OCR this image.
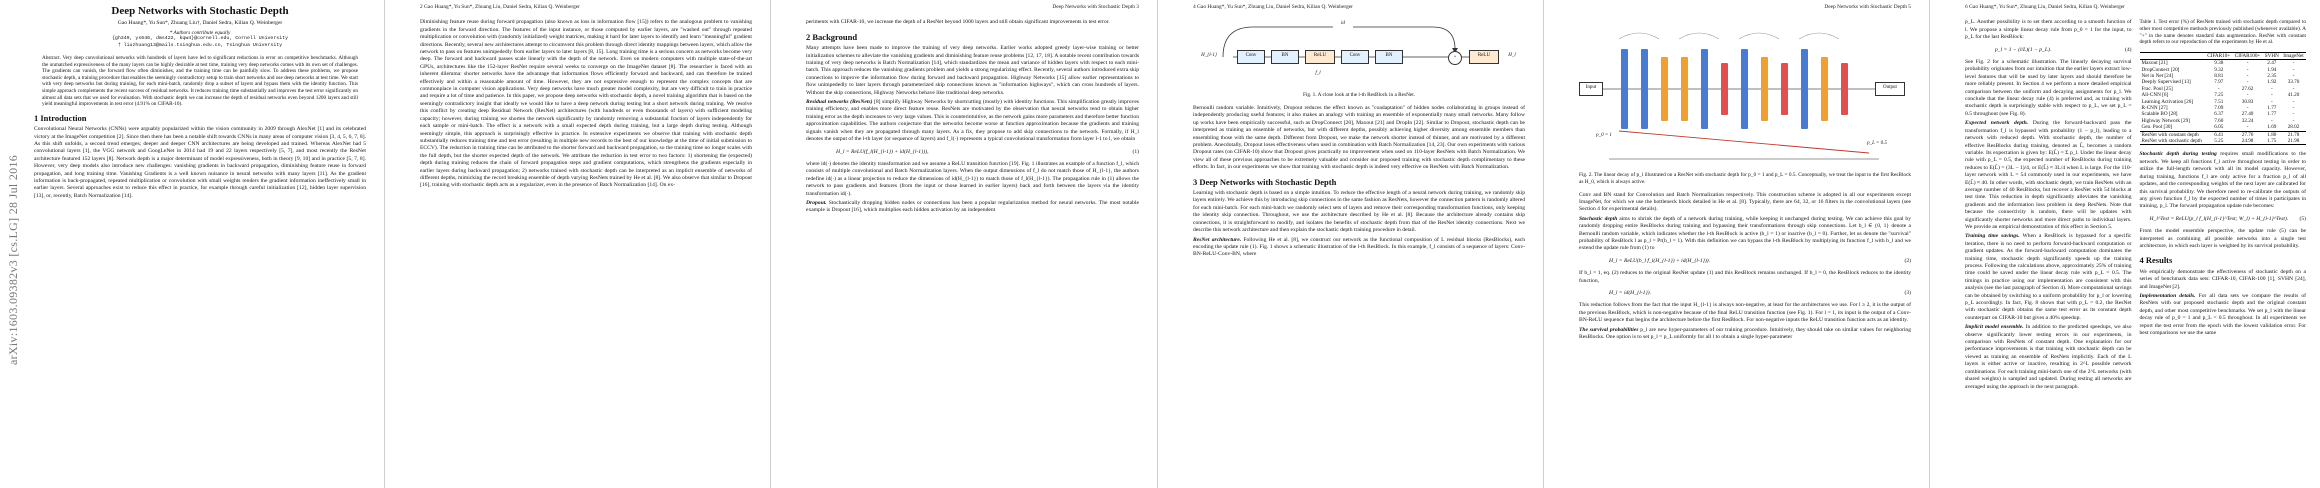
arXiv:1603.09382v3 [cs.LG] 28 Jul 2016
Deep Networks with Stochastic Depth
Gao Huang*, Yu Sun*, Zhuang Liu†, Daniel Sedra, Kilian Q. Weinberger
* Authors contribute equally
{gh349, ys646, dms422, kqw4}@cornell.edu, Cornell University
† liuzhuang13@mails.tsinghua.edu.cn, Tsinghua University
Abstract. Very deep convolutional networks with hundreds of layers have led to significant reductions in error on competitive benchmarks. Although the unmatched expressiveness of the many layers can be highly desirable at test time, training very deep networks comes with its own set of challenges. The gradients can vanish, the forward flow often diminishes, and the training time can be painfully slow. To address these problems, we propose stochastic depth, a training procedure that enables the seemingly contradictory setup to train short networks and use deep networks at test time. We start with very deep networks but during training, for each mini-batch, randomly drop a subset of layers and bypass them with the identity function. This simple approach complements the recent success of residual networks. It reduces training time substantially and improves the test error significantly on almost all data sets that we used for evaluation. With stochastic depth we can increase the depth of residual networks even beyond 1200 layers and still yield meaningful improvements in test error (4.91% on CIFAR-10).
1 Introduction
Convolutional Neural Networks (CNNs) were arguably popularized within the vision community in 2009 through AlexNet [1] and its celebrated victory at the ImageNet competition [2]. Since then there has been a notable shift towards CNNs in many areas of computer vision [3, 4, 5, 6, 7, 8]. As this shift unfolds, a second trend emerges; deeper and deeper CNN architectures are being developed and trained. Whereas AlexNet had 5 convolutional layers [1], the VGG network and GoogLeNet in 2014 had 19 and 22 layers respectively [5, 7], and most recently the ResNet architecture featured 152 layers [8]. Network depth is a major determinant of model expressiveness, both in theory [9, 10] and in practice [5, 7, 8]. However, very deep models also introduce new challenges: vanishing gradients in backward propagation, diminishing feature reuse in forward propagation, and long training time. Vanishing Gradients is a well known nuisance in neural networks with many layers [11]. As the gradient information is back-propagated, repeated multiplication or convolution with small weights renders the gradient information ineffectively small in earlier layers. Several approaches exist to reduce this effect in practice, for example through careful initialization [12], hidden layer supervision [13], or, recently, Batch Normalization [14].
2 Gao Huang*, Yu Sun*, Zhuang Liu, Daniel Sedra, Kilian Q. Weinberger
Diminishing feature reuse during forward propagation (also known as loss in information flow [15]) refers to the analogous problem to vanishing gradients in the forward direction. The features of the input instance, or those computed by earlier layers, are "washed out" through repeated multiplication or convolution with (randomly initialized) weight matrices, making it hard for later layers to identify and learn "meaningful" gradient directions. Recently, several new architectures attempt to circumvent this problem through direct identity mappings between layers, which allow the network to pass on features unimpededly from earlier layers to later layers [8, 15]. Long training time is a serious concern as networks become very deep. The forward and backward passes scale linearly with the depth of the network. Even on modern computers with multiple state-of-the-art GPUs, architectures like the 152-layer ResNet require several weeks to converge on the ImageNet dataset [8]. The researcher is faced with an inherent dilemma: shorter networks have the advantage that information flows efficiently forward and backward, and can therefore be trained effectively and within a reasonable amount of time. However, they are not expressive enough to represent the complex concepts that are commonplace in computer vision applications. Very deep networks have much greater model complexity, but are very difficult to train in practice and require a lot of time and patience. In this paper, we propose deep networks with stochastic depth, a novel training algorithm that is based on the seemingly contradictory insight that ideally we would like to have a deep network during testing but a short network during training. We resolve this conflict by creating deep Residual Network (ResNet) architectures (with hundreds or even thousands of layers) with sufficient modeling capacity; however, during training we shorten the network significantly by randomly removing a substantial fraction of layers independently for each sample or mini-batch. The effect is a network with a small expected depth during training, but a large depth during testing. Although seemingly simple, this approach is surprisingly effective in practice. In extensive experiments we observe that training with stochastic depth substantially reduces training time and test error (resulting in multiple new records to the best of our knowledge at the time of initial submission to ECCV). The reduction in training time can be attributed to the shorter forward and backward propagation, so the training time no longer scales with the full depth, but the shorter expected depth of the network. We attribute the reduction in test error to two factors: 1) shortening the (expected) depth during training reduces the chain of forward propagation steps and gradient computations, which strengthens the gradients especially in earlier layers during backward propagation; 2) networks trained with stochastic depth can be interpreted as an implicit ensemble of networks of different depths, mimicking the record breaking ensemble of depth varying ResNets trained by He et al. [8]. We also observe that similar to Dropout [16], training with stochastic depth acts as a regularizer, even in the presence of Batch Normalization [14]. On ex-
Deep Networks with Stochastic Depth 3
periments with CIFAR-10, we increase the depth of a ResNet beyond 1000 layers and still obtain significant improvements in test error.
2 Background
Many attempts have been made to improve the training of very deep networks. Earlier works adopted greedy layer-wise training or better initialization schemes to alleviate the vanishing gradients and diminishing feature reuse problems [12, 17, 18]. A notable recent contribution towards training of very deep networks is Batch Normalization [14], which standardizes the mean and variance of hidden layers with respect to each mini-batch. This approach reduces the vanishing gradients problem and yields a strong regularizing effect. Recently, several authors introduced extra skip connections to improve the information flow during forward and backward propagation. Highway Networks [15] allow earlier representations to flow unimpededly to later layers through parameterized skip connections known as "information highways", which can cross hundreds of layers. Without the skip connections, Highway Networks behave like traditional deep networks.
Residual networks (ResNets) [8] simplify Highway Networks by shortcutting (mostly) with identity functions. This simplification greatly improves training efficiency, and enables more direct feature reuse. ResNets are motivated by the observation that neural networks tend to obtain higher training error as the depth increases to very large values. This is counterintuitive, as the network gains more parameters and therefore better function approximation capabilities. The authors conjecture that the networks become worse at function approximation because the gradients and training signals vanish when they are propagated through many layers. As a fix, they propose to add skip connections to the network. Formally, if H_l denotes the output of the l-th layer (or sequence of layers) and f_l(·) represents a typical convolutional transformation from layer l-1 to l, we obtain
H_l = ReLU(f_l(H_{l-1}) + id(H_{l-1})),	(1)
where id(·) denotes the identity transformation and we assume a ReLU transition function [19]. Fig. 1 illustrates an example of a function f_l, which consists of multiple convolutional and Batch Normalization layers. When the output dimensions of f_l do not match those of H_{l-1}, the authors redefine id(·) as a linear projection to reduce the dimensions of id(H_{l-1}) to match those of f_l(H_{l-1}). The propagation rule in (1) allows the network to pass gradients and features (from the input or those learned in earlier layers) back and forth between the layers via the identity transformation id(·).
Dropout. Stochastically dropping hidden nodes or connections has been a popular regularization method for neural networks. The most notable example is Dropout [16], which multiplies each hidden activation by an independent
4 Gao Huang*, Yu Sun*, Zhuang Liu, Daniel Sedra, Kilian Q. Weinberger
H_{l-1}	Conv	BN	ReLU	Conv	BN	+	ReLU	H_l
id
f_l
Fig. 1. A close look at the l-th ResBlock in a ResNet.
Bernoulli random variable. Intuitively, Dropout reduces the effect known as "coadaptation" of hidden nodes collaborating in groups instead of independently producing useful features; it also makes an analogy with training an ensemble of exponentially many small networks. Many follow up works have been empirically successful, such as DropConnect [20], Maxout [21] and DropIn [22]. Similar to Dropout, stochastic depth can be interpreted as training an ensemble of networks, but with different depths, possibly achieving higher diversity among ensemble members than ensembling those with the same depth. Different from Dropout, we make the network shorter instead of thinner, and are motivated by a different problem. Anecdotally, Dropout loses effectiveness when used in combination with Batch Normalization [14, 23]. Our own experiments with various Dropout rates (on CIFAR-10) show that Dropout gives practically no improvement when used on 110-layer ResNets with Batch Normalization. We view all of these previous approaches to be extremely valuable and consider our proposed training with stochastic depth complimentary to these efforts. In fact, in our experiments we show that training with stochastic depth is indeed very effective on ResNets with Batch Normalization.
3 Deep Networks with Stochastic Depth
Learning with stochastic depth is based on a simple intuition. To reduce the effective length of a neural network during training, we randomly skip layers entirely. We achieve this by introducing skip connections in the same fashion as ResNets, however the connection pattern is randomly altered for each mini-batch. For each mini-batch we randomly select sets of layers and remove their corresponding transformation functions, only keeping the identity skip connection. Throughout, we use the architecture described by He et al. [8]. Because the architecture already contains skip connections, it is straightforward to modify, and isolates the benefits of stochastic depth from that of the ResNet identity connections. Next we describe this network architecture and then explain the stochastic depth training procedure in detail.
ResNet architecture. Following He et al. [8], we construct our network as the functional composition of L residual blocks (ResBlocks), each encoding the update rule (1). Fig. 1 shows a schematic illustration of the l-th ResBlock. In this example, f_l consists of a sequence of layers: Conv-BN-ReLU-Conv-BN, where
Deep Networks with Stochastic Depth 5
Input	Output
p_0 = 1
p_L = 0.5
Fig. 2. The linear decay of p_l illustrated on a ResNet with stochastic depth for p_0 = 1 and p_L = 0.5. Conceptually, we treat the input to the first ResBlock as H_0, which is always active.
Conv and BN stand for Convolution and Batch Normalization respectively. This construction scheme is adopted in all our experiments except ImageNet, for which we use the bottleneck block detailed in He et al. [8]. Typically, there are 64, 32, or 16 filters in the convolutional layers (see Section 4 for experimental details).
Stochastic depth aims to shrink the depth of a network during training, while keeping it unchanged during testing. We can achieve this goal by randomly dropping entire ResBlocks during training and bypassing their transformations through skip connections. Let b_l ∈ {0, 1} denote a Bernoulli random variable, which indicates whether the l-th ResBlock is active (b_l = 1) or inactive (b_l = 0). Further, let us denote the "survival" probability of ResBlock l as p_l = Pr(b_l = 1). With this definition we can bypass the l-th ResBlock by multiplying its function f_l with b_l and we extend the update rule from (1) to
H_l = ReLU(b_l f_l(H_{l-1}) + id(H_{l-1})).	(2)
If b_l = 1, eq. (2) reduces to the original ResNet update (1) and this ResBlock remains unchanged. If b_l = 0, the ResBlock reduces to the identity function,
H_l = id(H_{l-1}).	(3)
This reduction follows from the fact that the input H_{l-1} is always non-negative, at least for the architectures we use. For l ≥ 2, it is the output of the previous ResBlock, which is non-negative because of the final ReLU transition function (see Fig. 1). For l = 1, its input is the output of a Conv-BN-ReLU sequence that begins the architecture before the first ResBlock. For non-negative inputs the ReLU transition function acts as an identity.
The survival probabilities p_l are new hyper-parameters of our training procedure. Intuitively, they should take on similar values for neighboring ResBlocks. One option is to set p_l = p_L uniformly for all l to obtain a single hyper-parameter
6 Gao Huang*, Yu Sun*, Zhuang Liu, Daniel Sedra, Kilian Q. Weinberger
p_L. Another possibility is to set them according to a smooth function of l. We propose a simple linear decay rule from p_0 = 1 for the input, to p_L for the last ResBlock:
p_l = 1 − (l/L)(1 − p_L).	(4)
See Fig. 2 for a schematic illustration. The linearly decaying survival probability originates from our intuition that the earlier layers extract low-level features that will be used by later layers and should therefore be more reliably present. In Section 4 we perform a more detailed empirical comparison between the uniform and decaying assignments for p_l. We conclude that the linear decay rule (4) is preferred and, as training with stochastic depth is surprisingly stable with respect to p_L, we set p_L = 0.5 throughout (see Fig. 8).
Expected network depth. During the forward-backward pass the transformation f_l is bypassed with probability (1 − p_l), leading to a network with reduced depth. With stochastic depth, the number of effective ResBlocks during training, denoted as L̃, becomes a random variable. Its expectation is given by: E(L̃) = Σ p_l. Under the linear decay rule with p_L = 0.5, the expected number of ResBlocks during training reduces to E(L̃) = (3L − 1)/4, or E(L̃) ≈ 3L/4 when L is large. For the 110-layer network with L = 54 commonly used in our experiments, we have E(L̃) ≈ 40. In other words, with stochastic depth, we train ResNets with an average number of 40 ResBlocks, but recover a ResNet with 54 blocks at test time. This reduction in depth significantly alleviates the vanishing gradients and the information loss problem in deep ResNets. Note that because the connectivity is random, there will be updates with significantly shorter networks and more direct paths to individual layers. We provide an empirical demonstration of this effect in Section 5.
Training time savings. When a ResBlock is bypassed for a specific iteration, there is no need to perform forward-backward computation or gradient updates. As the forward-backward computation dominates the training time, stochastic depth significantly speeds up the training process. Following the calculations above, approximately 25% of training time could be saved under the linear decay rule with p_L = 0.5. The timings in practice using our implementation are consistent with this analysis (see the last paragraph of Section 4). More computational savings can be obtained by switching to a uniform probability for p_l or lowering p_L accordingly. In fact, Fig. 8 shows that with p_L = 0.2, the ResNet with stochastic depth obtains the same test error as its constant depth counterpart on CIFAR-10 but gives a 40% speedup.
Implicit model ensemble. In addition to the predicted speedups, we also observe significantly lower testing errors in our experiments, in comparison with ResNets of constant depth. One explanation for our performance improvements is that training with stochastic depth can be viewed as training an ensemble of ResNets implicitly. Each of the L layers is either active or inactive, resulting in 2^L possible network combinations. For each training mini-batch one of the 2^L networks (with shared weights) is sampled and updated. During testing all networks are averaged using the approach in the next paragraph.
Table 1. Test error (%) of ResNets trained with stochastic depth compared to other most competitive methods previously published (whenever available). A "+" in the name denotes standard data augmentation. ResNet with constant depth refers to our reproduction of the experiments by He et al.
	CIFAR10+	CIFAR100+	SVHN	ImageNet
Maxout [21]	9.38	-	2.47	-
DropConnect [20]	9.32	-	1.94	-
Net in Net [24]	8.81	-	2.35	-
Deeply Supervised [13]	7.97	-	1.92	33.70
Frac. Pool [25]	-	27.62	-	-
All-CNN [6]	7.25	-	-	41.20
Learning Activation [26]	7.51	30.83	-	-
R-CNN [27]	7.09	-	1.77	-
Scalable BO [28]	6.37	27.40	1.77	-
Highway Network [29]	7.60	32.24	-	-
Gen. Pool [30]	6.05	-	1.69	28.02
ResNet with constant depth	6.41	27.76	1.80	21.78
ResNet with stochastic depth	5.25	24.98	1.75	21.98
Stochastic depth during testing requires small modifications to the network. We keep all functions f_l active throughout testing in order to utilize the full-length network with all its model capacity. However, during training, functions f_l are only active for a fraction p_l of all updates, and the corresponding weights of the next layer are calibrated for this survival probability. We therefore need to re-calibrate the outputs of any given function f_l by the expected number of times it participates in training, p_l. The forward propagation update rule becomes:
H_l^Test = ReLU(p_l f_l(H_{l-1}^Test; W_l) + H_{l-1}^Test). (5)
From the model ensemble perspective, the update rule (5) can be interpreted as combining all possible networks into a single test architecture, in which each layer is weighted by its survival probability.
4 Results
We empirically demonstrate the effectiveness of stochastic depth on a series of benchmark data sets: CIFAR-10, CIFAR-100 [1], SVHN [24], and ImageNet [2].
Implementation details. For all data sets we compare the results of ResNets with our proposed stochastic depth and the original constant depth, and other most competitive benchmarks. We set p_l with the linear decay rule of p_0 = 1 and p_L = 0.5 throughout. In all experiments we report the test error from the epoch with the lowest validation error. For best comparisons we use the same
